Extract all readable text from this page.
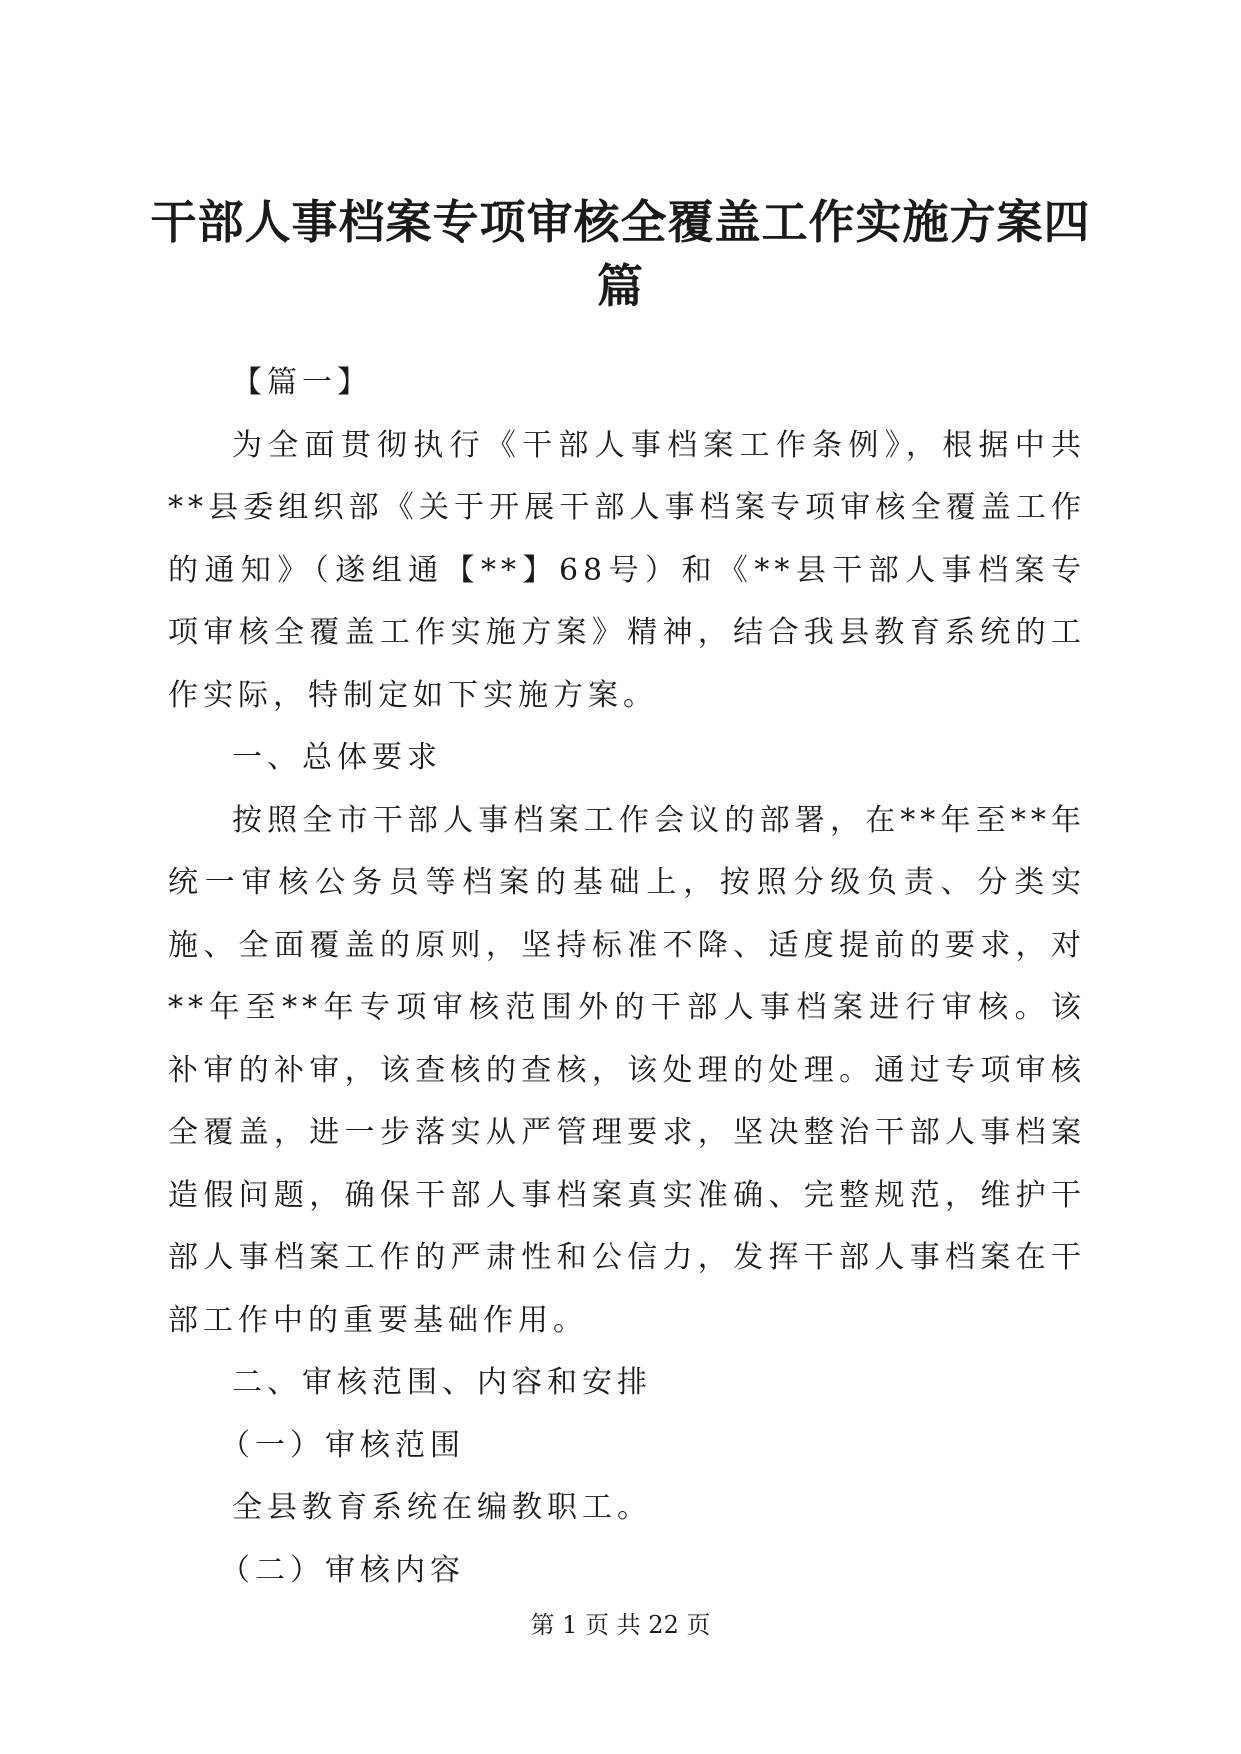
干部人事档案专项审核全覆盖工作实施方案四篇

【篇一】

为全面贯彻执行《干部人事档案工作条例》，根据中共**县委组织部《关于开展干部人事档案专项审核全覆盖工作的通知》（遂组通【**】68号）和《**县干部人事档案专项审核全覆盖工作实施方案》精神，结合我县教育系统的工作实际，特制定如下实施方案。

一、总体要求

按照全市干部人事档案工作会议的部署，在**年至**年统一审核公务员等档案的基础上，按照分级负责、分类实施、全面覆盖的原则，坚持标准不降、适度提前的要求，对**年至**年专项审核范围外的干部人事档案进行审核。该补审的补审，该查核的查核，该处理的处理。通过专项审核全覆盖，进一步落实从严管理要求，坚决整治干部人事档案造假问题，确保干部人事档案真实准确、完整规范，维护干部人事档案工作的严肃性和公信力，发挥干部人事档案在干部工作中的重要基础作用。

二、审核范围、内容和安排

（一）审核范围

全县教育系统在编教职工。

（二）审核内容

第 1 页 共 22 页
